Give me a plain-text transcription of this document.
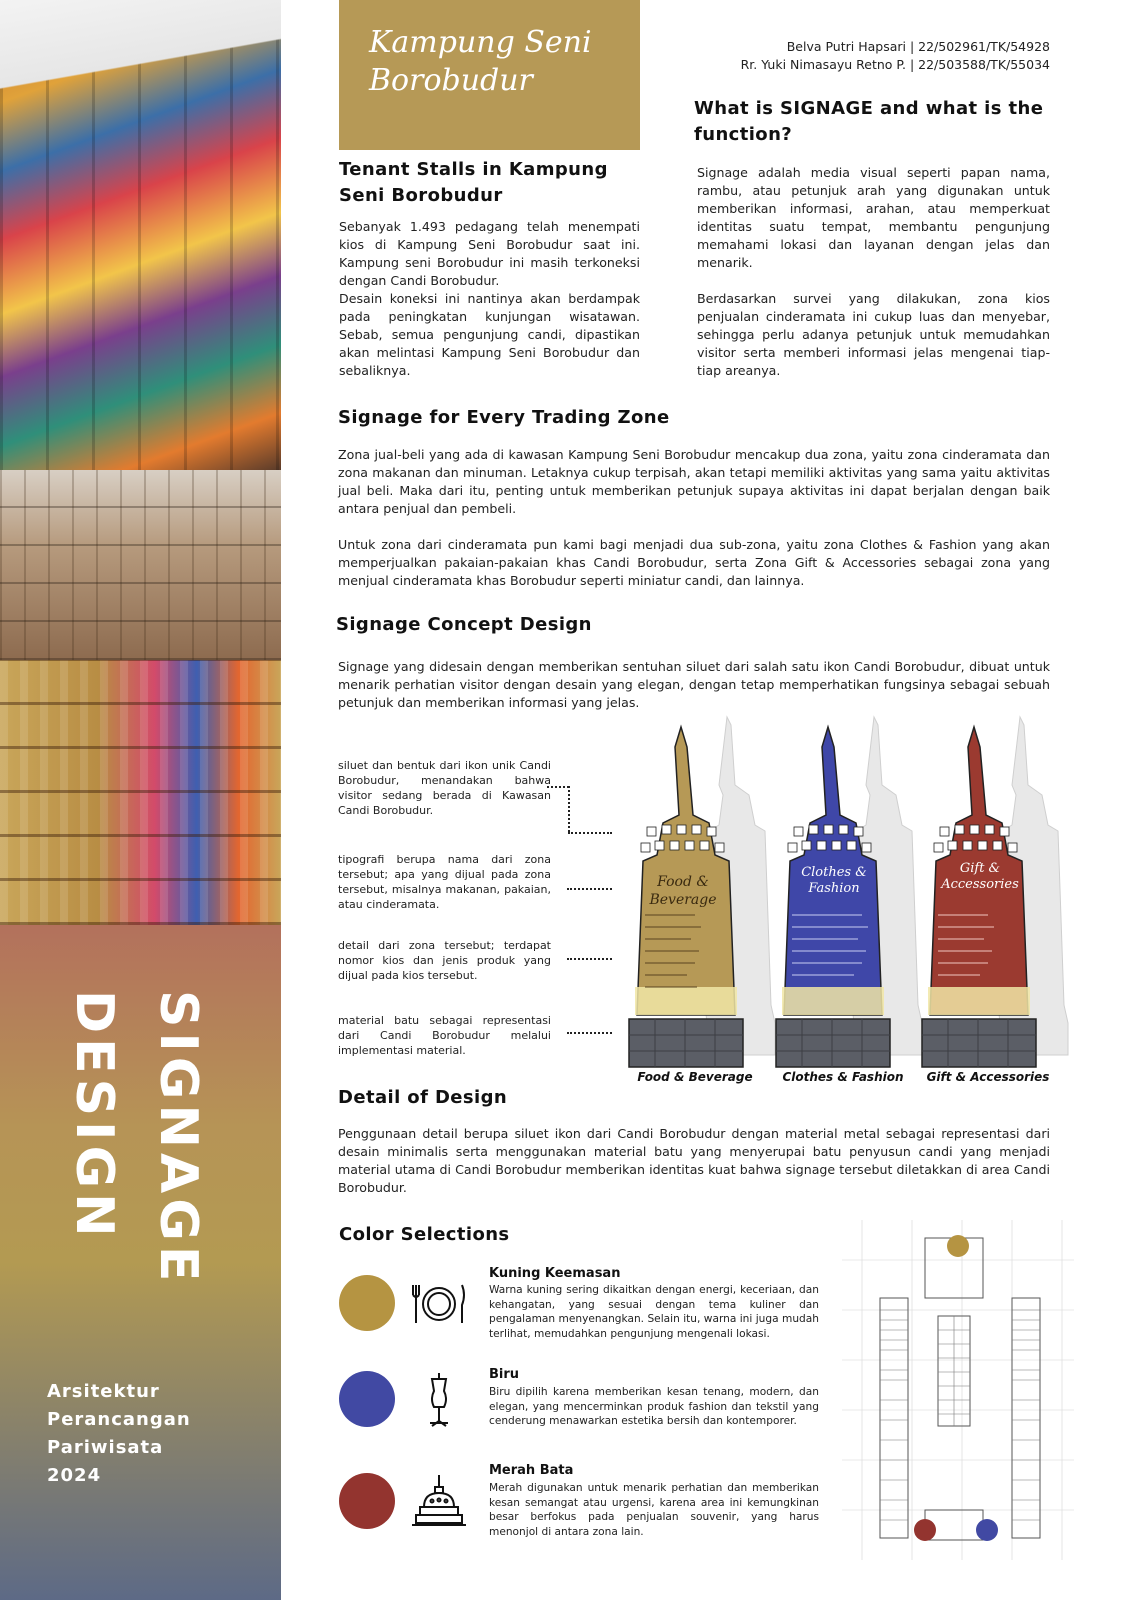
SIGNAGE
DESIGN
Arsitektur
Perancangan
Pariwisata
2024
Kampung Seni
Borobudur
Belva Putri Hapsari | 22/502961/TK/54928
Rr. Yuki Nimasayu Retno P. | 22/503588/TK/55034
Tenant Stalls in Kampung Seni Borobudur

Sebanyak 1.493 pedagang telah menempati kios di Kampung Seni Borobudur saat ini. Kampung seni Borobudur ini masih terkoneksi dengan Candi Borobudur.

Desain koneksi ini nantinya akan berdampak pada peningkatan kunjungan wisatawan. Sebab, semua pengunjung candi, dipastikan akan melintasi Kampung Seni Borobudur dan sebaliknya.

What is SIGNAGE and what is the function?

Signage adalah media visual seperti papan nama, rambu, atau petunjuk arah yang digunakan untuk memberikan informasi, arahan, atau memperkuat identitas suatu tempat, membantu pengunjung memahami lokasi dan layanan dengan jelas dan menarik.

Berdasarkan survei yang dilakukan, zona kios penjualan cinderamata ini cukup luas dan menyebar, sehingga perlu adanya petunjuk untuk memudahkan visitor serta memberi informasi jelas mengenai tiap-tiap areanya.

Signage for Every Trading Zone

Zona jual-beli yang ada di kawasan Kampung Seni Borobudur mencakup dua zona, yaitu zona cinderamata dan zona makanan dan minuman. Letaknya cukup terpisah, akan tetapi memiliki aktivitas yang sama yaitu aktivitas jual beli. Maka dari itu, penting untuk memberikan petunjuk supaya aktivitas ini dapat berjalan dengan baik antara penjual dan pembeli.

Untuk zona dari cinderamata pun kami bagi menjadi dua sub-zona, yaitu zona Clothes & Fashion yang akan memperjualkan pakaian-pakaian khas Candi Borobudur, serta Zona Gift & Accessories sebagai zona yang menjual cinderamata khas Borobudur seperti miniatur candi, dan lainnya.

Signage Concept Design

Signage yang didesain dengan memberikan sentuhan siluet dari salah satu ikon Candi Borobudur, dibuat untuk menarik perhatian visitor dengan desain yang elegan, dengan tetap memperhatikan fungsinya sebagai sebuah petunjuk dan memberikan informasi yang jelas.

siluet dan bentuk dari ikon unik Candi Borobudur, menandakan bahwa visitor sedang berada di Kawasan Candi Borobudur.

tipografi berupa nama dari zona tersebut; apa yang dijual pada zona tersebut, misalnya makanan, pakaian, atau cinderamata.

detail dari zona tersebut; terdapat nomor kios dan jenis produk yang dijual pada kios tersebut.

material batu sebagai representasi dari Candi Borobudur melalui implementasi material.

Food &
Beverage
Food & Beverage
Clothes &
Fashion
Clothes & Fashion
Gift &
Accessories
Gift & Accessories
Detail of Design

Penggunaan detail berupa siluet ikon dari Candi Borobudur dengan material metal sebagai representasi dari desain minimalis serta menggunakan material batu yang menyerupai batu penyusun candi yang menjadi material utama di Candi Borobudur memberikan identitas kuat bahwa signage tersebut diletakkan di area Candi Borobudur.

Color Selections
Kuning Keemasan

Warna kuning sering dikaitkan dengan energi, keceriaan, dan kehangatan, yang sesuai dengan tema kuliner dan pengalaman menyenangkan. Selain itu, warna ini juga mudah terlihat, memudahkan pengunjung mengenali lokasi.

Biru

Biru dipilih karena memberikan kesan tenang, modern, dan elegan, yang mencerminkan produk fashion dan tekstil yang cenderung menawarkan estetika bersih dan kontemporer.

Merah Bata

Merah digunakan untuk menarik perhatian dan memberikan kesan semangat atau urgensi, karena area ini kemungkinan besar berfokus pada penjualan souvenir, yang harus menonjol di antara zona lain.
